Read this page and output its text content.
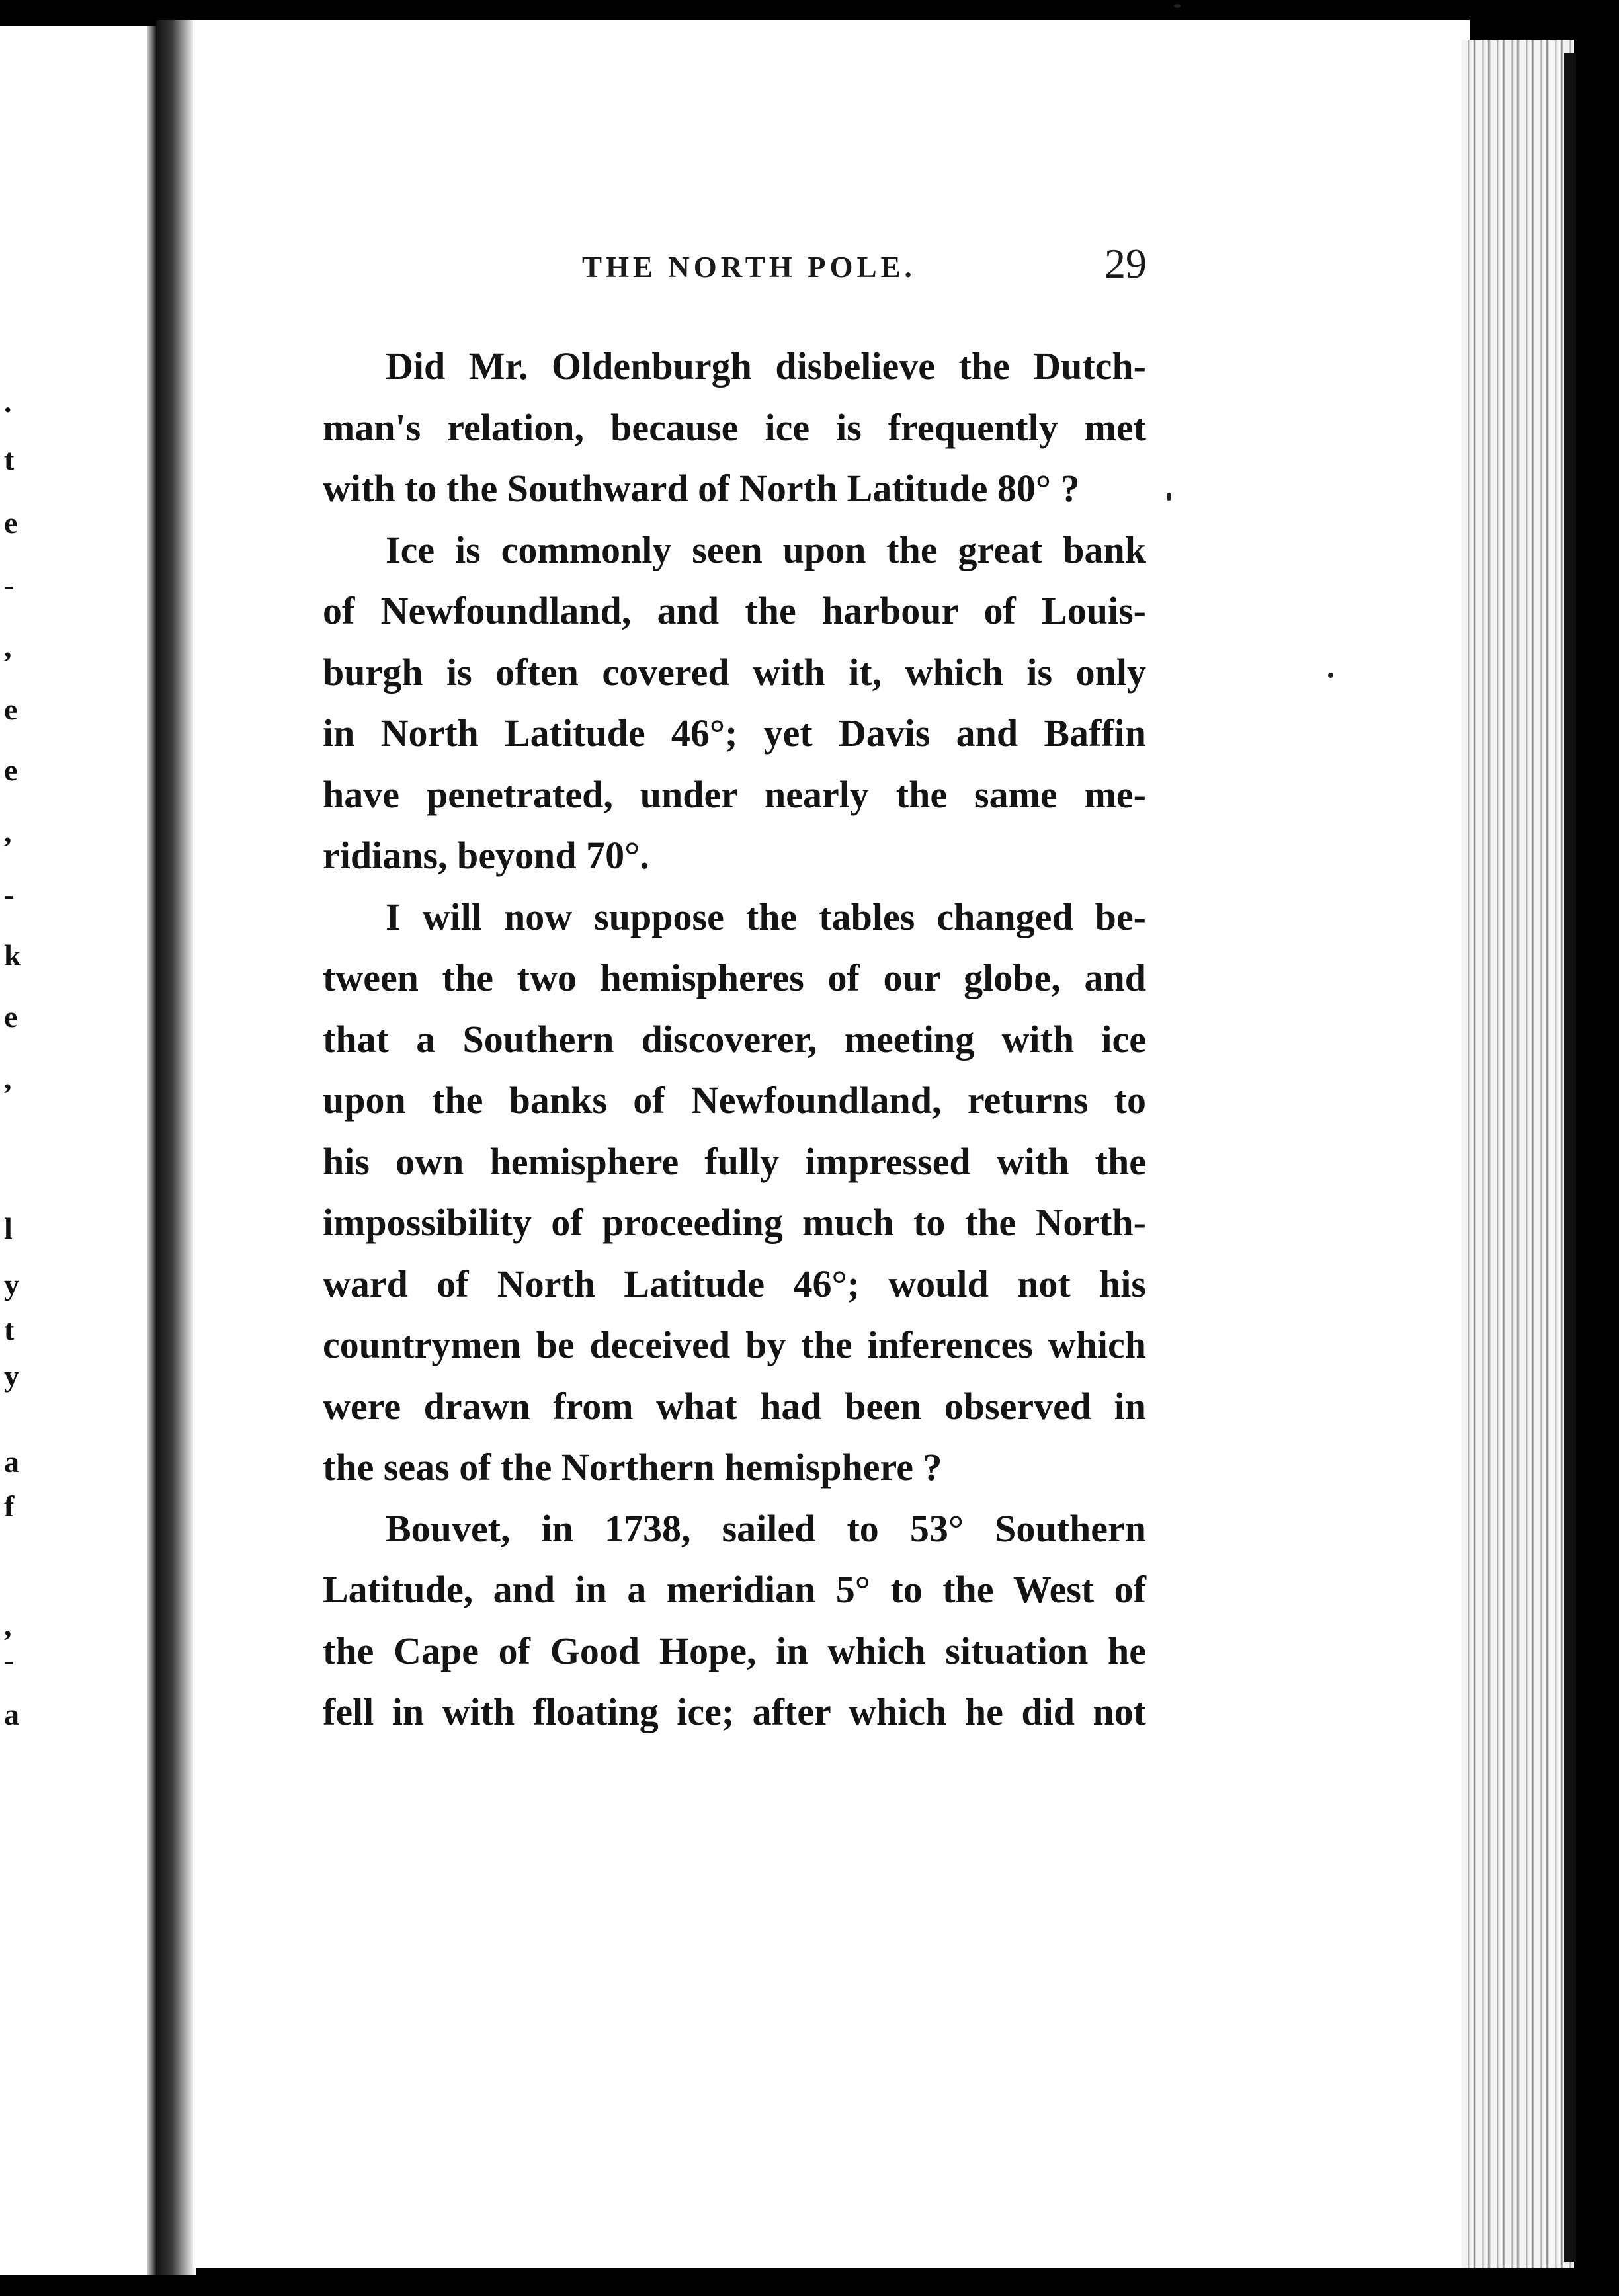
.
t
e
-
,
e
e
,
-
k
e
,
l
y
t
y
a
f
,
-
a
THE NORTH POLE.	29

Did Mr. Oldenburgh disbelieve the Dutch-
man's relation, because ice is frequently met
with to the Southward of North Latitude 80° ?

Ice is commonly seen upon the great bank
of Newfoundland, and the harbour of Louis-
burgh is often covered with it, which is only
in North Latitude 46°; yet Davis and Baffin
have penetrated, under nearly the same me-
ridians, beyond 70°.

I will now suppose the tables changed be-
tween the two hemispheres of our globe, and
that a Southern discoverer, meeting with ice
upon the banks of Newfoundland, returns to
his own hemisphere fully impressed with the
impossibility of proceeding much to the North-
ward of North Latitude 46°; would not his
countrymen be deceived by the inferences which
were drawn from what had been observed in
the seas of the Northern hemisphere ?

Bouvet, in 1738, sailed to 53° Southern
Latitude, and in a meridian 5° to the West of
the Cape of Good Hope, in which situation he
fell in with floating ice; after which he did not
